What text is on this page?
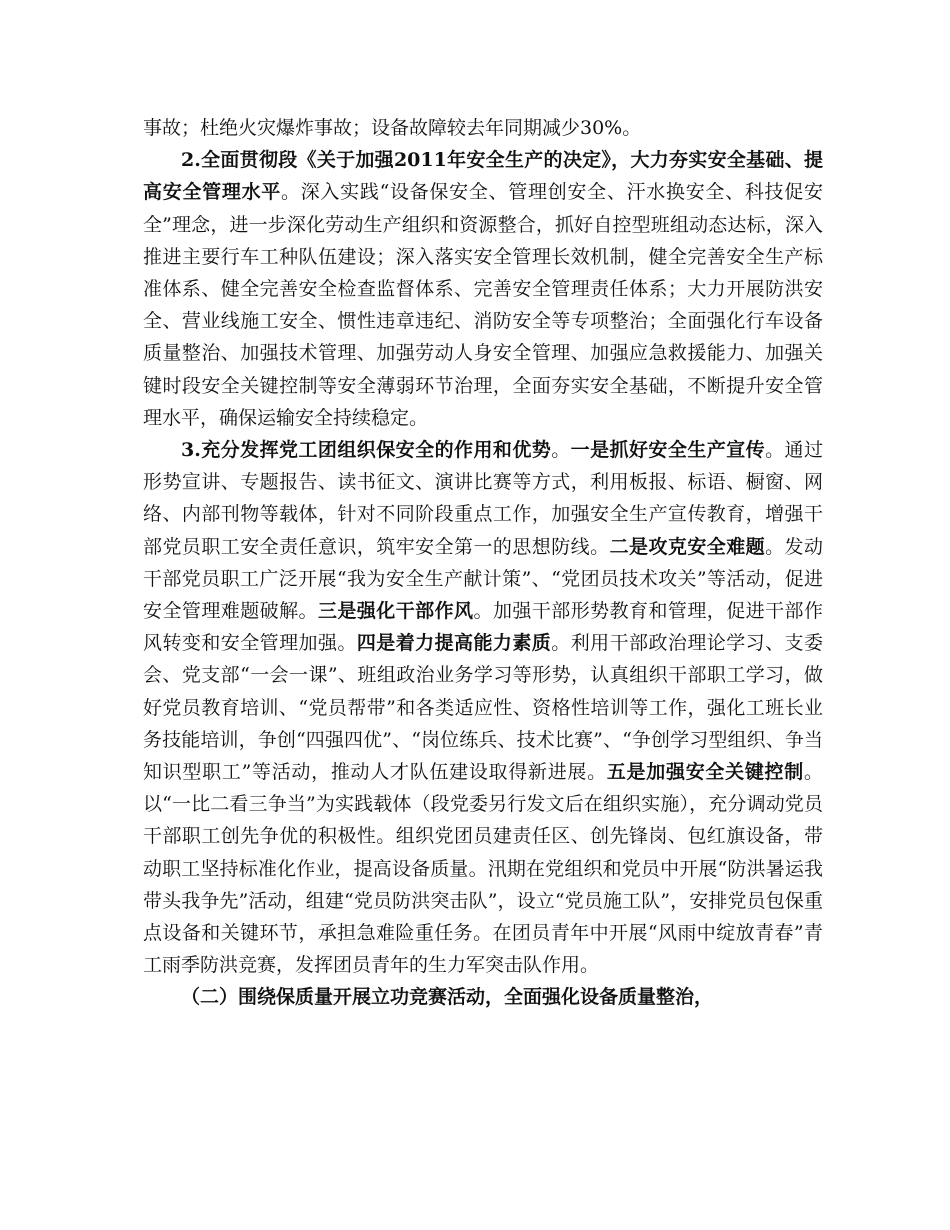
事故；杜绝火灾爆炸事故；设备故障较去年同期减少30%。

2.全面贯彻段《关于加强2011年安全生产的决定》，大力夯实安全基础、提高安全管理水平。深入实践“设备保安全、管理创安全、汗水换安全、科技促安全”理念，进一步深化劳动生产组织和资源整合，抓好自控型班组动态达标，深入推进主要行车工种队伍建设；深入落实安全管理长效机制，健全完善安全生产标准体系、健全完善安全检查监督体系、完善安全管理责任体系；大力开展防洪安全、营业线施工安全、惯性违章违纪、消防安全等专项整治；全面强化行车设备质量整治、加强技术管理、加强劳动人身安全管理、加强应急救援能力、加强关键时段安全关键控制等安全薄弱环节治理，全面夯实安全基础，不断提升安全管理水平，确保运输安全持续稳定。

3.充分发挥党工团组织保安全的作用和优势。一是抓好安全生产宣传。通过形势宣讲、专题报告、读书征文、演讲比赛等方式，利用板报、标语、橱窗、网络、内部刊物等载体，针对不同阶段重点工作，加强安全生产宣传教育，增强干部党员职工安全责任意识，筑牢安全第一的思想防线。二是攻克安全难题。发动干部党员职工广泛开展“我为安全生产献计策”、“党团员技术攻关”等活动，促进安全管理难题破解。三是强化干部作风。加强干部形势教育和管理，促进干部作风转变和安全管理加强。四是着力提高能力素质。利用干部政治理论学习、支委会、党支部“一会一课”、班组政治业务学习等形势，认真组织干部职工学习，做好党员教育培训、“党员帮带”和各类适应性、资格性培训等工作，强化工班长业务技能培训，争创“四强四优”、“岗位练兵、技术比赛”、“争创学习型组织、争当知识型职工”等活动，推动人才队伍建设取得新进展。五是加强安全关键控制。以“一比二看三争当”为实践载体（段党委另行发文后在组织实施），充分调动党员干部职工创先争优的积极性。组织党团员建责任区、创先锋岗、包红旗设备，带动职工坚持标准化作业，提高设备质量。汛期在党组织和党员中开展“防洪暑运我带头我争先”活动，组建“党员防洪突击队”，设立“党员施工队”，安排党员包保重点设备和关键环节，承担急难险重任务。在团员青年中开展“风雨中绽放青春”青工雨季防洪竞赛，发挥团员青年的生力军突击队作用。

（二）围绕保质量开展立功竞赛活动，全面强化设备质量整治，
